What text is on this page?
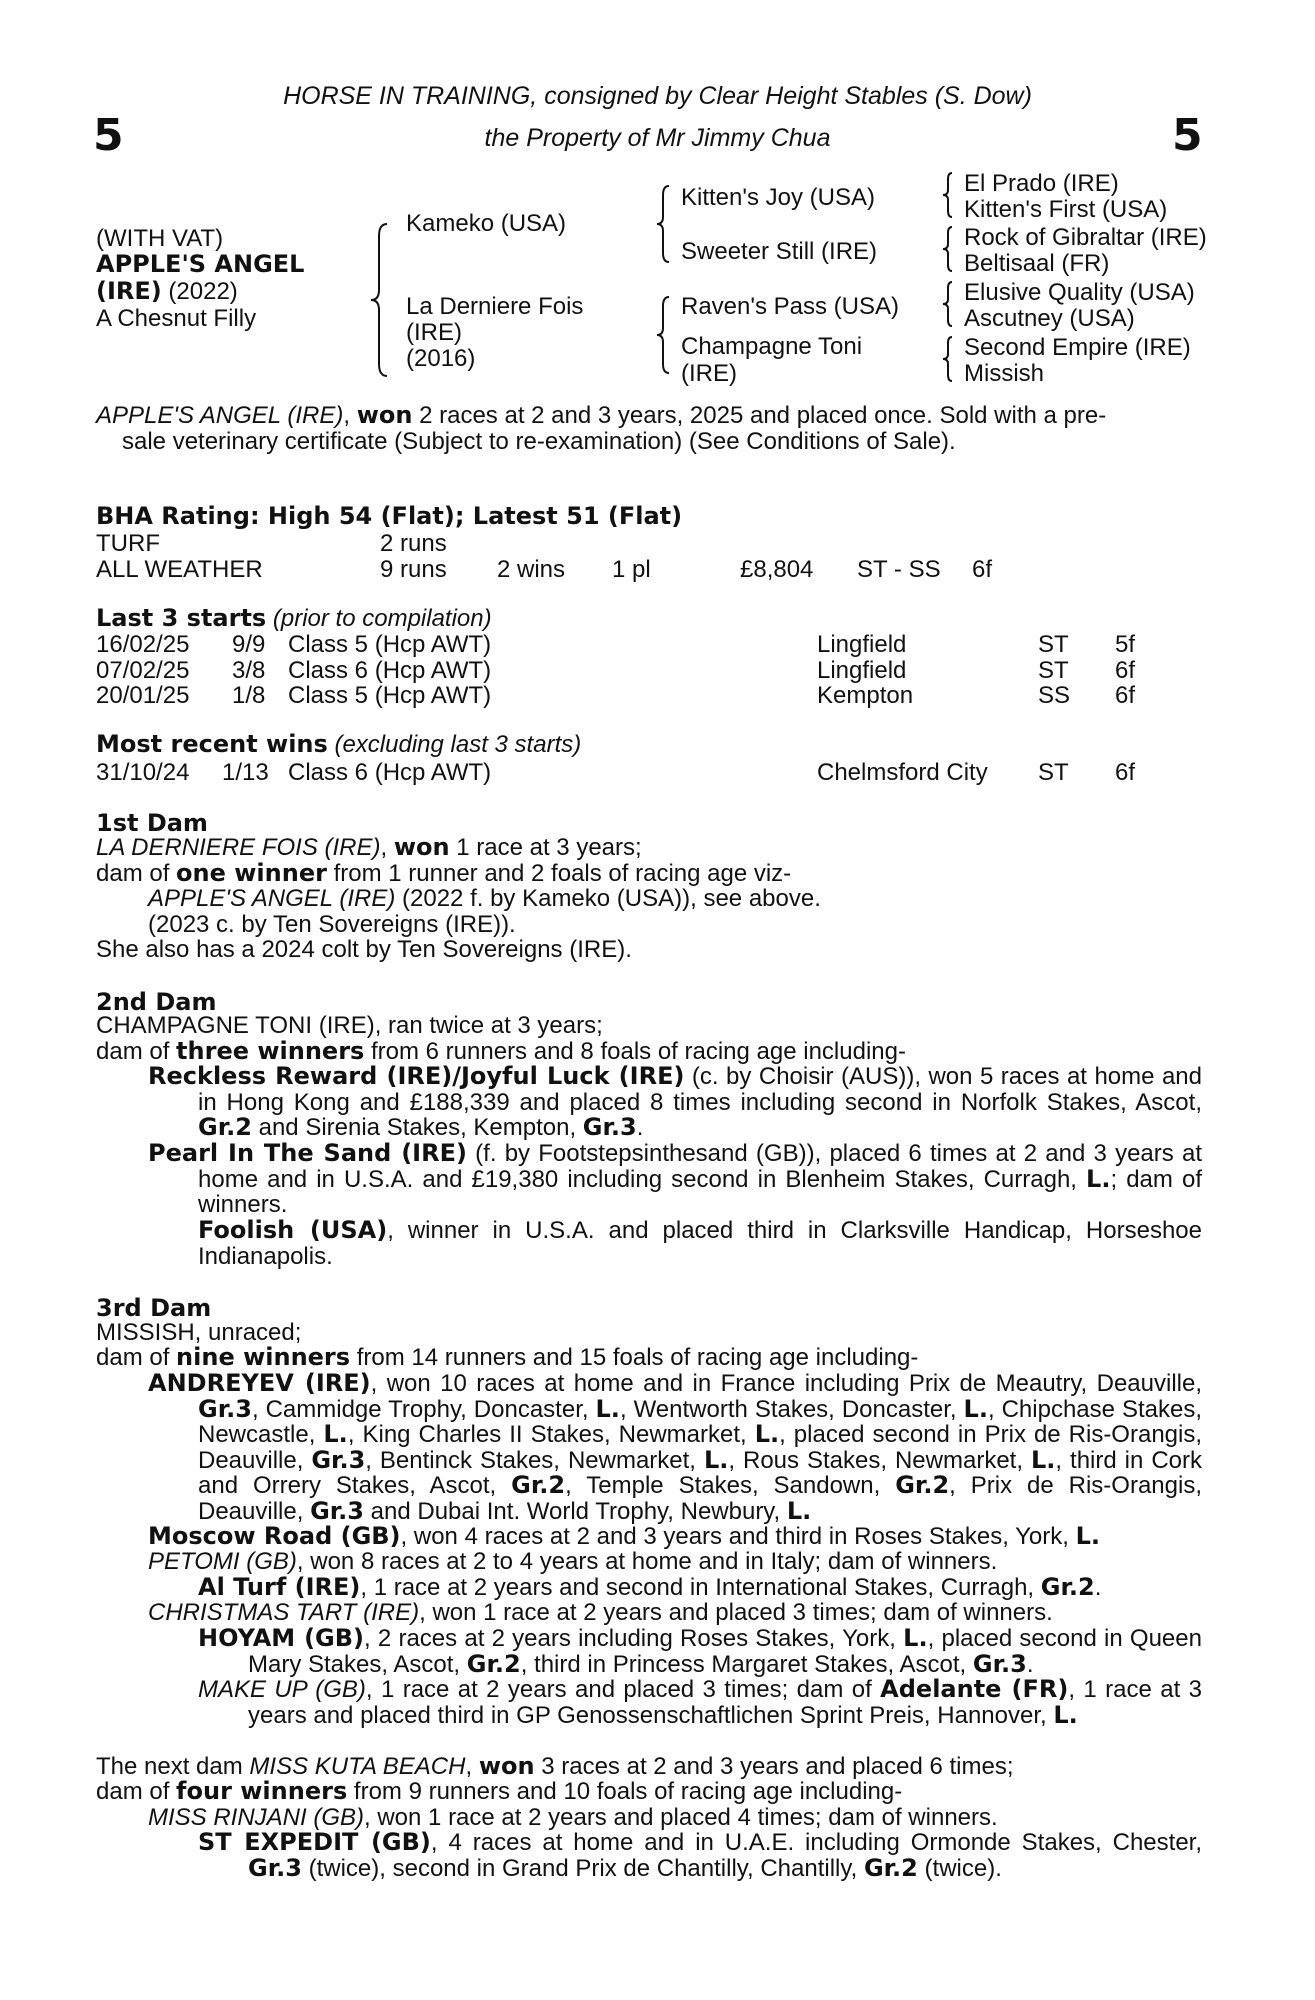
HORSE IN TRAINING, consigned by Clear Height Stables (S. Dow)
the Property of Mr Jimmy Chua
5	5
(WITH VAT)
APPLE'S ANGEL
(IRE) (2022)
A Chesnut Filly
Kameko (USA)
La Derniere Fois
(IRE)
(2016)
Kitten's Joy (USA)
Sweeter Still (IRE)
Raven's Pass (USA)
Champagne Toni
(IRE)
El Prado (IRE)
Kitten's First (USA)
Rock of Gibraltar (IRE)
Beltisaal (FR)
Elusive Quality (USA)
Ascutney (USA)
Second Empire (IRE)
Missish
APPLE'S ANGEL (IRE), won 2 races at 2 and 3 years, 2025 and placed once. Sold with a pre-
sale veterinary certificate (Subject to re-examination) (See Conditions of Sale).
BHA Rating: High 54 (Flat); Latest 51 (Flat)
TURF	2 runs
ALL WEATHER	9 runs 2 wins 1 pl	£8,804 ST - SS 6f
Last 3 starts (prior to compilation)
16/02/25 9/9 Class 5 (Hcp AWT)	Lingfield	ST 5f
07/02/25 3/8 Class 6 (Hcp AWT)	Lingfield	ST 6f
20/01/25 1/8 Class 5 (Hcp AWT)	Kempton	SS 6f
Most recent wins (excluding last 3 starts)
31/10/24 1/13 Class 6 (Hcp AWT)	Chelmsford City ST 6f
1st Dam
LA DERNIERE FOIS (IRE), won 1 race at 3 years;
dam of one winner from 1 runner and 2 foals of racing age viz-
APPLE'S ANGEL (IRE) (2022 f. by Kameko (USA)), see above.
(2023 c. by Ten Sovereigns (IRE)).
She also has a 2024 colt by Ten Sovereigns (IRE).
2nd Dam
CHAMPAGNE TONI (IRE), ran twice at 3 years;
dam of three winners from 6 runners and 8 foals of racing age including-
Reckless Reward (IRE)/Joyful Luck (IRE) (c. by Choisir (AUS)), won 5 races at home and in Hong Kong and £188,339 and placed 8 times including second in Norfolk Stakes, Ascot, Gr.2 and Sirenia Stakes, Kempton, Gr.3.
Pearl In The Sand (IRE) (f. by Footstepsinthesand (GB)), placed 6 times at 2 and 3 years at home and in U.S.A. and £19,380 including second in Blenheim Stakes, Curragh, L.; dam of winners.
Foolish (USA), winner in U.S.A. and placed third in Clarksville Handicap, Horseshoe Indianapolis.
3rd Dam
MISSISH, unraced;
dam of nine winners from 14 runners and 15 foals of racing age including-
ANDREYEV (IRE), won 10 races at home and in France including Prix de Meautry, Deauville, Gr.3, Cammidge Trophy, Doncaster, L., Wentworth Stakes, Doncaster, L., Chipchase Stakes, Newcastle, L., King Charles II Stakes, Newmarket, L., placed second in Prix de Ris-Orangis, Deauville, Gr.3, Bentinck Stakes, Newmarket, L., Rous Stakes, Newmarket, L., third in Cork and Orrery Stakes, Ascot, Gr.2, Temple Stakes, Sandown, Gr.2, Prix de Ris-Orangis, Deauville, Gr.3 and Dubai Int. World Trophy, Newbury, L.
Moscow Road (GB), won 4 races at 2 and 3 years and third in Roses Stakes, York, L.
PETOMI (GB), won 8 races at 2 to 4 years at home and in Italy; dam of winners.
Al Turf (IRE), 1 race at 2 years and second in International Stakes, Curragh, Gr.2.
CHRISTMAS TART (IRE), won 1 race at 2 years and placed 3 times; dam of winners.
HOYAM (GB), 2 races at 2 years including Roses Stakes, York, L., placed second in Queen Mary Stakes, Ascot, Gr.2, third in Princess Margaret Stakes, Ascot, Gr.3.
MAKE UP (GB), 1 race at 2 years and placed 3 times; dam of Adelante (FR), 1 race at 3 years and placed third in GP Genossenschaftlichen Sprint Preis, Hannover, L.
The next dam MISS KUTA BEACH, won 3 races at 2 and 3 years and placed 6 times;
dam of four winners from 9 runners and 10 foals of racing age including-
MISS RINJANI (GB), won 1 race at 2 years and placed 4 times; dam of winners.
ST EXPEDIT (GB), 4 races at home and in U.A.E. including Ormonde Stakes, Chester, Gr.3 (twice), second in Grand Prix de Chantilly, Chantilly, Gr.2 (twice).
